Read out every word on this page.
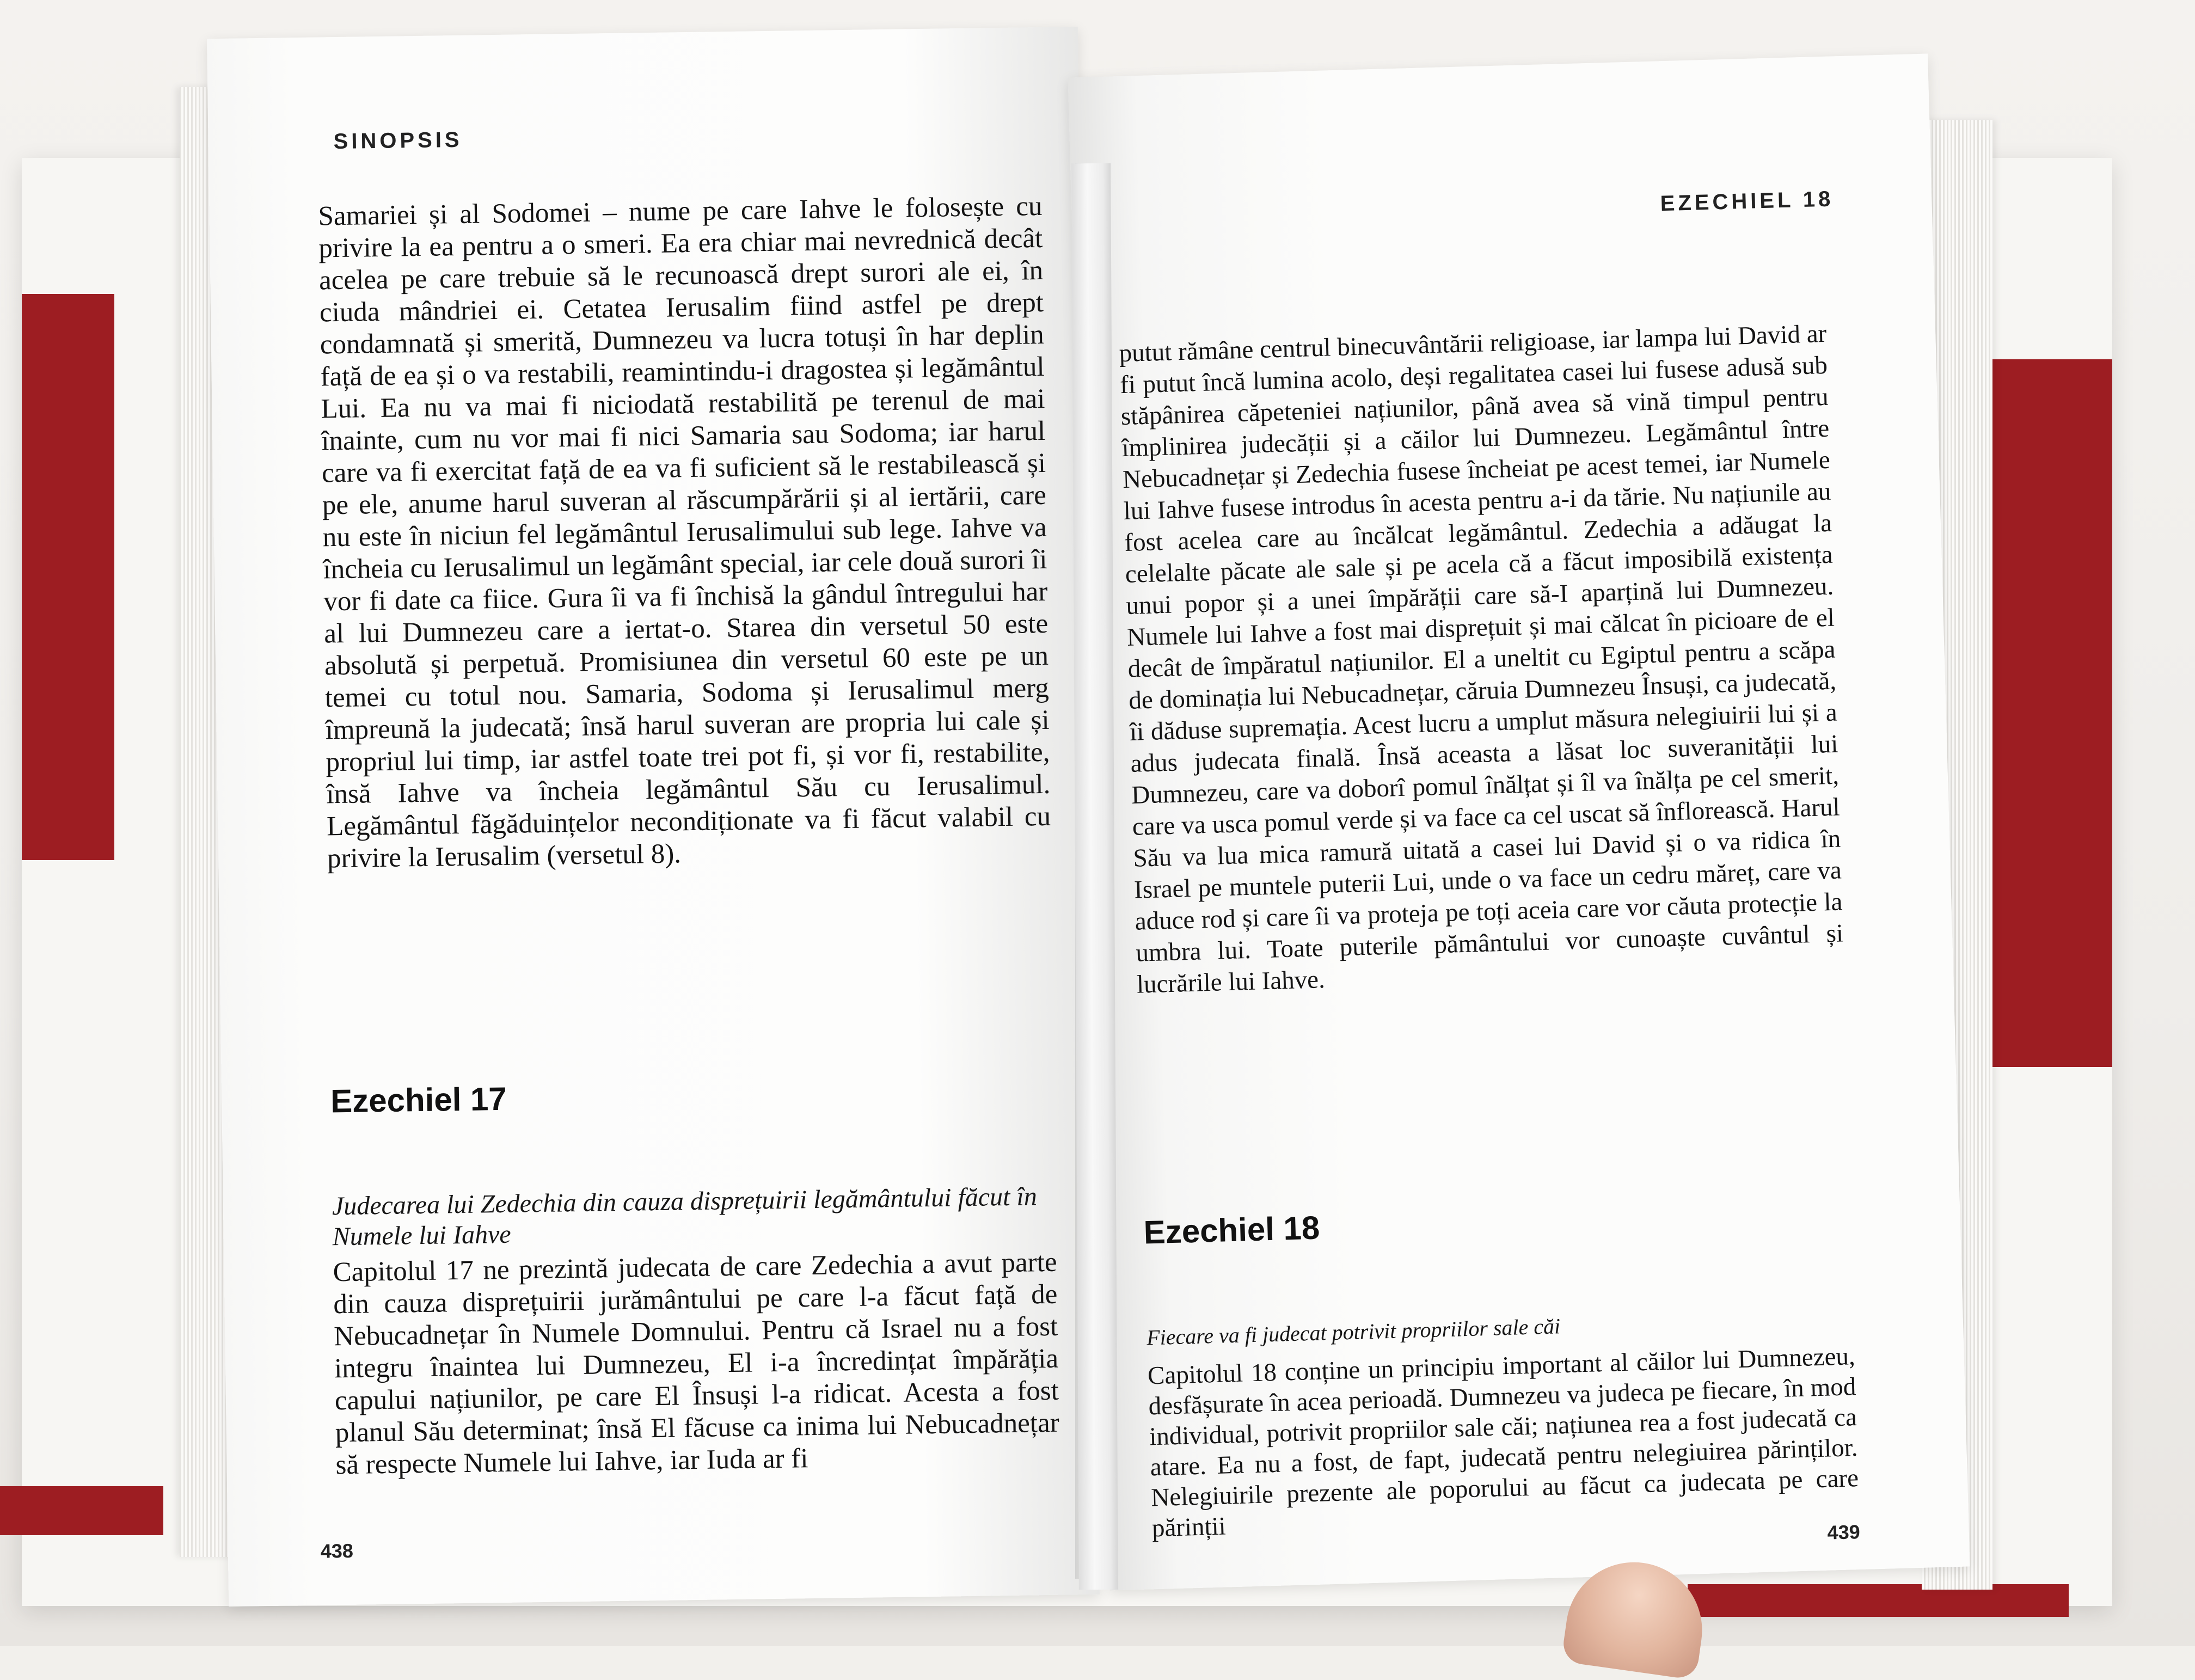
SINOPSIS
Samariei și al Sodomei – nume pe care Iahve le folosește cu privire la ea pentru a o smeri. Ea era chiar mai nevrednică decât acelea pe care trebuie să le recunoască drept surori ale ei, în ciuda mândriei ei. Cetatea Ierusalim fiind astfel pe drept condamnată și smerită, Dumnezeu va lucra totuși în har deplin față de ea și o va restabili, reamintindu-i dragostea și legământul Lui. Ea nu va mai fi niciodată restabilită pe terenul de mai înainte, cum nu vor mai fi nici Samaria sau Sodoma; iar harul care va fi exercitat față de ea va fi suficient să le restabilească și pe ele, anume harul suveran al răscumpărării și al iertării, care nu este în niciun fel legământul Ierusalimului sub lege. Iahve va încheia cu Ierusalimul un legământ special, iar cele două surori îi vor fi date ca fiice. Gura îi va fi închisă la gândul întregului har al lui Dumnezeu care a iertat-o. Starea din versetul 50 este absolută și perpetuă. Promisiunea din versetul 60 este pe un temei cu totul nou. Samaria, Sodoma și Ierusalimul merg împreună la judecată; însă harul suveran are propria lui cale și propriul lui timp, iar astfel toate trei pot fi, și vor fi, restabilite, însă Iahve va încheia legământul Său cu Ierusalimul. Legământul făgăduințelor necondiționate va fi făcut valabil cu privire la Ierusalim (versetul 8).
Ezechiel 17
Judecarea lui Zedechia din cauza disprețuirii legământului făcut în Numele lui Iahve
Capitolul 17 ne prezintă judecata de care Zedechia a avut parte din cauza disprețuirii jurământului pe care l-a făcut față de Nebucadnețar în Numele Domnului. Pentru că Israel nu a fost integru înaintea lui Dumnezeu, El i-a încredințat împărăția capului națiunilor, pe care El Însuși l-a ridicat. Acesta a fost planul Său determinat; însă El făcuse ca inima lui Nebucadnețar să respecte Numele lui Iahve, iar Iuda ar fi
438
EZECHIEL 18
putut rămâne centrul binecuvântării religioase, iar lampa lui David ar fi putut încă lumina acolo, deși regalitatea casei lui fusese adusă sub stăpânirea căpeteniei națiunilor, până avea să vină timpul pentru împlinirea judecății și a căilor lui Dumnezeu. Legământul între Nebucadnețar și Zedechia fusese încheiat pe acest temei, iar Numele lui Iahve fusese introdus în acesta pentru a-i da tărie. Nu națiunile au fost acelea care au încălcat legământul. Zedechia a adăugat la celelalte păcate ale sale și pe acela că a făcut imposibilă existența unui popor și a unei împărății care să-I aparțină lui Dumnezeu. Numele lui Iahve a fost mai disprețuit și mai călcat în picioare de el decât de împăratul națiunilor. El a uneltit cu Egiptul pentru a scăpa de dominația lui Nebucadnețar, căruia Dumnezeu Însuși, ca judecată, îi dăduse supremația. Acest lucru a umplut măsura nelegiuirii lui și a adus judecata finală. Însă aceasta a lăsat loc suveranității lui Dumnezeu, care va doborî pomul înălțat și îl va înălța pe cel smerit, care va usca pomul verde și va face ca cel uscat să înflorească. Harul Său va lua mica ramură uitată a casei lui David și o va ridica în Israel pe muntele puterii Lui, unde o va face un cedru măreț, care va aduce rod și care îi va proteja pe toți aceia care vor căuta protecție la umbra lui. Toate puterile pământului vor cunoaște cuvântul și lucrările lui Iahve.
Ezechiel 18
Fiecare va fi judecat potrivit propriilor sale căi
Capitolul 18 conține un principiu important al căilor lui Dumnezeu, desfășurate în acea perioadă. Dumnezeu va judeca pe fiecare, în mod individual, potrivit propriilor sale căi; națiunea rea a fost judecată ca atare. Ea nu a fost, de fapt, judecată pentru nelegiuirea părinților. Nelegiuirile prezente ale poporului au făcut ca judecata pe care părinții	439
